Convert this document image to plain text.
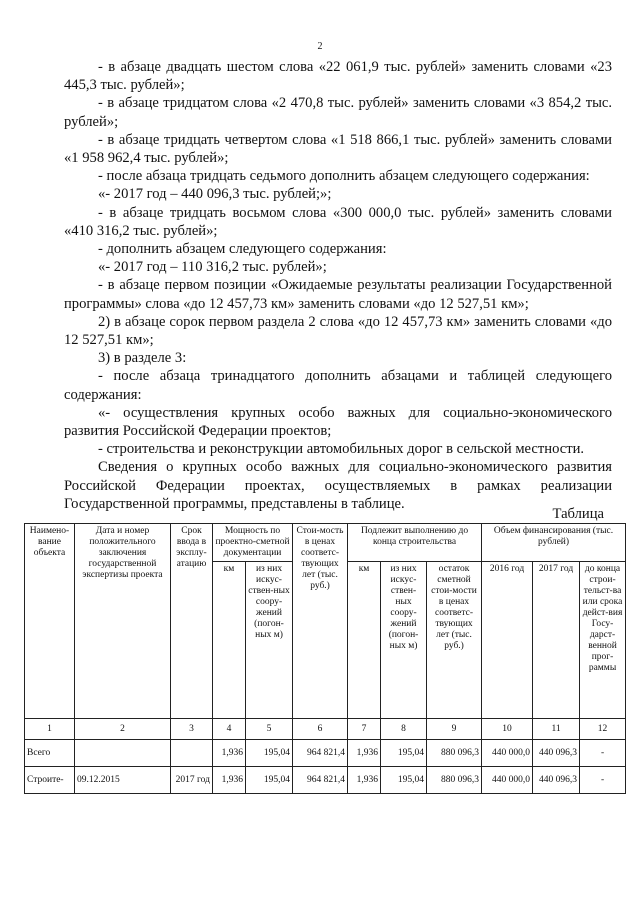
2

- в абзаце двадцать шестом слова «22 061,9 тыс. рублей» заменить словами «23 445,3 тыс. рублей»;

- в абзаце тридцатом слова «2 470,8 тыс. рублей» заменить словами «3 854,2 тыс. рублей»;

- в абзаце тридцать четвертом слова «1 518 866,1 тыс. рублей» заменить словами «1 958 962,4 тыс. рублей»;

- после абзаца тридцать седьмого дополнить абзацем следующего содержания:

«- 2017 год – 440 096,3 тыс. рублей;»;

- в абзаце тридцать восьмом слова «300 000,0 тыс. рублей» заменить словами «410 316,2 тыс. рублей»;

- дополнить абзацем следующего содержания:

«- 2017 год – 110 316,2 тыс. рублей»;

- в абзаце первом позиции «Ожидаемые результаты реализации Государственной программы» слова «до 12 457,73 км» заменить словами «до 12 527,51 км»;

2) в абзаце сорок первом раздела 2 слова «до 12 457,73 км» заменить словами «до 12 527,51 км»;

3) в разделе 3:

- после абзаца тринадцатого дополнить абзацами и таблицей следующего содержания:

«- осуществления крупных особо важных для социально-экономического развития Российской Федерации проектов;

- строительства и реконструкции автомобильных дорог в сельской местности.

Сведения о крупных особо важных для социально-экономического развития Российской Федерации проектах, осуществляемых в рамках реализации Государственной программы, представлены в таблице.

Таблица
Наимено-вание объекта	Дата и номер положительного заключения государственной экспертизы проекта	Срок ввода в эксплу-атацию	Мощность по проектно-сметной документации		Стои-мость в ценах соответс-твующих лет (тыс. руб.)	Подлежит выполнению до конца строительства			Объем финансирования (тыс. рублей)		
			км	из них искус-ствен-ных соору-жений (погон-ных м)		км	из них искус-ствен-ных соору-жений (погон-ных м)	остаток сметной стои-мости в ценах соответс-твующих лет (тыс. руб.)	2016 год	2017 год	до конца строи-тельст-ва или срока дейст-вия Госу-дарст-венной прог-раммы
1	2	3	4	5	6	7	8	9	10	11	12
Всего			1,936	195,04	964 821,4	1,936	195,04	880 096,3	440 000,0	440 096,3	-
Строите-	09.12.2015	2017 год	1,936	195,04	964 821,4	1,936	195,04	880 096,3	440 000,0	440 096,3	-
